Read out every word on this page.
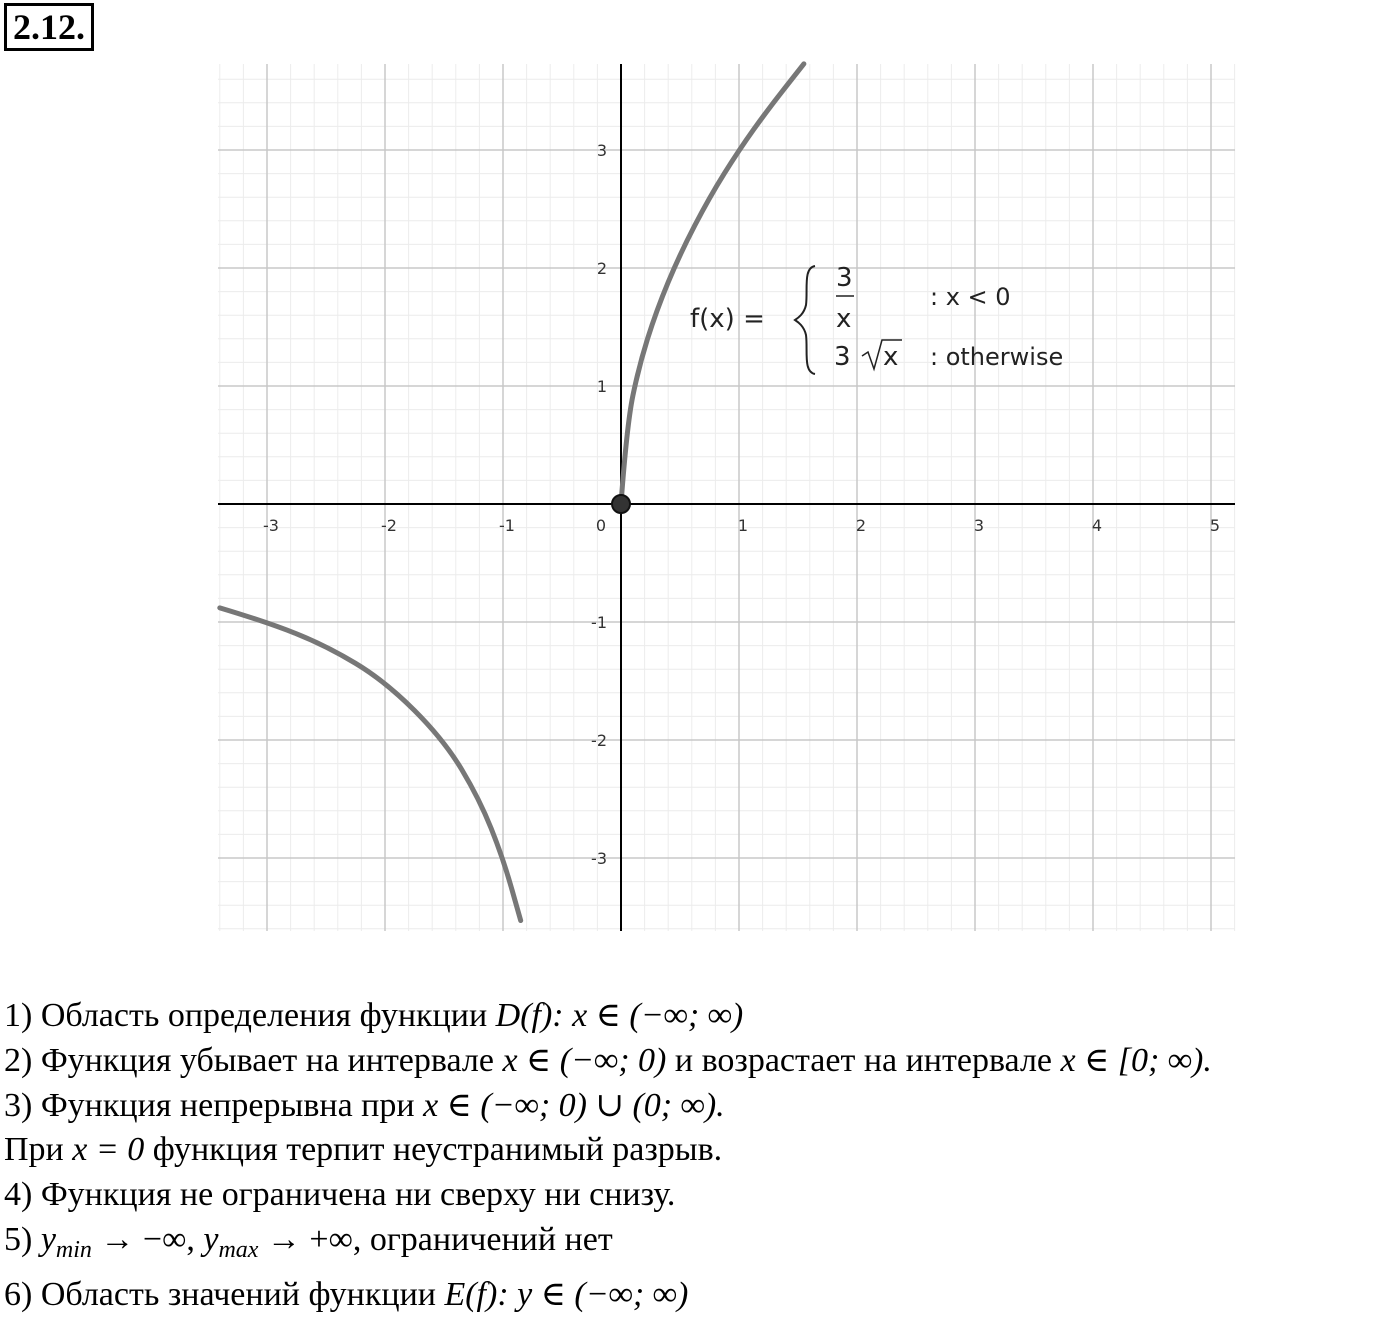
2.12.
-3	-2	-1	0	1	2	3	4	5
-3
-2
-1
1
2
3
f(x) =
3
x
: x < 0
3 x : otherwise
1) Область определения функции D(f): x ∈ (−∞; ∞)
2) Функция убывает на интервале x ∈ (−∞; 0) и возрастает на интервале x ∈ [0; ∞).
3) Функция непрерывна при x ∈ (−∞; 0) ∪ (0; ∞).
При x = 0 функция терпит неустранимый разрыв.
4) Функция не ограничена ни сверху ни снизу.
5) $y_{min}$ → −∞, $y_{max}$ → +∞, ограничений нет
6) Область значений функции E(f): y ∈ (−∞; ∞)
